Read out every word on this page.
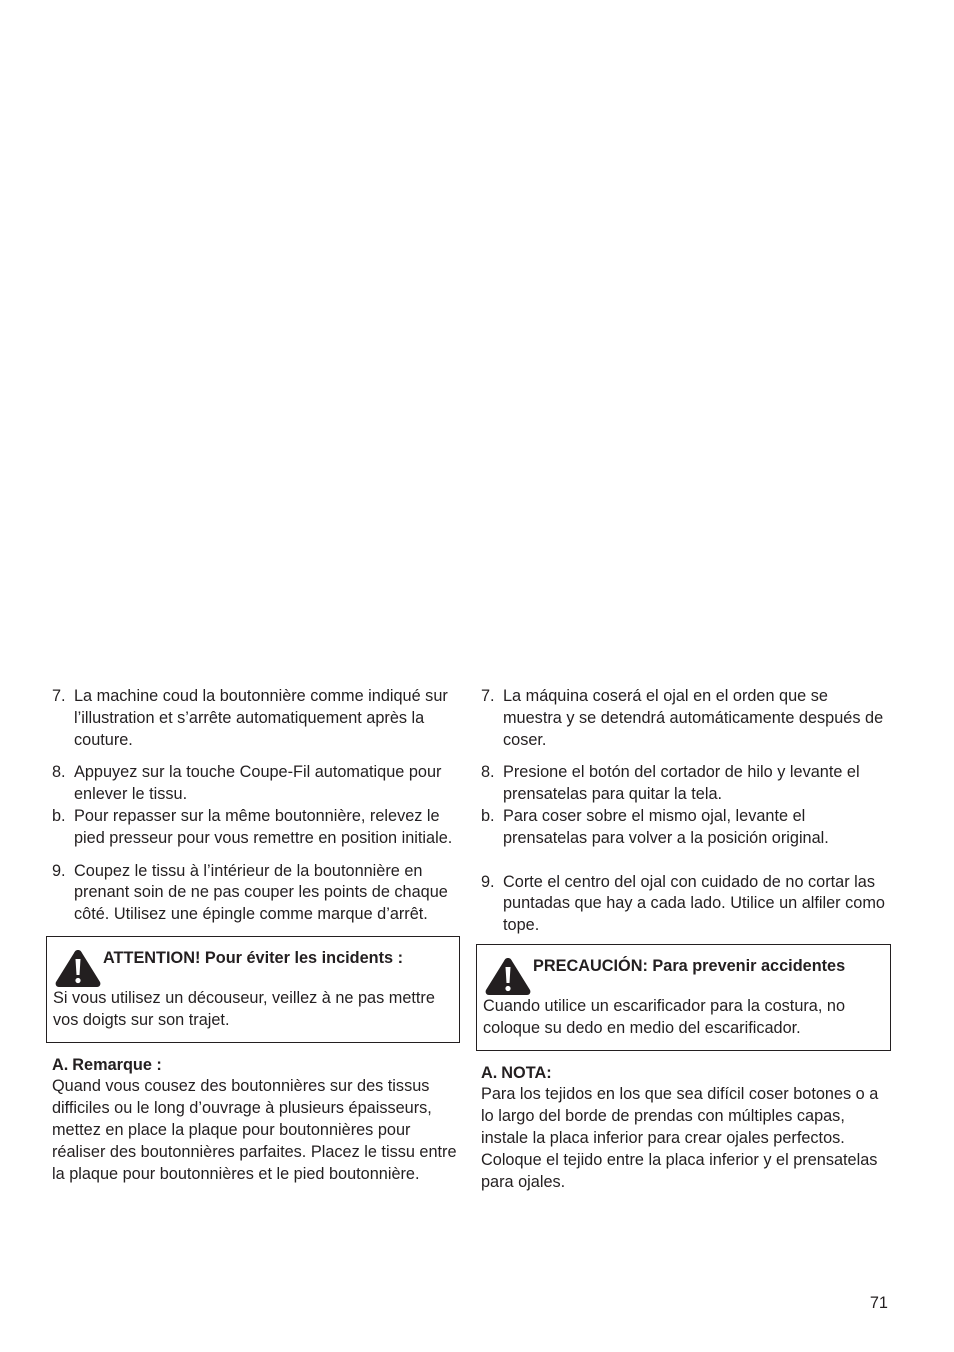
7. La machine coud la boutonnière comme indiqué sur l’illustration et s’arrête automatiquement après la couture.
8. Appuyez sur la touche Coupe-Fil automatique pour enlever le tissu.
b. Pour repasser sur la même boutonnière, relevez le pied presseur pour vous remettre en position initiale.
9. Coupez le tissu à l’intérieur de la boutonnière en prenant soin de ne pas couper les points de chaque côté. Utilisez une épingle comme marque d’arrêt.
ATTENTION! Pour éviter les incidents :
Si vous utilisez un découseur, veillez à ne pas mettre vos doigts sur son trajet.
A. Remarque :
Quand vous cousez des boutonnières sur des tissus difficiles ou le long d’ouvrage à plusieurs épaisseurs, mettez en place la plaque pour boutonnières pour réaliser des boutonnières parfaites. Placez le tissu entre la plaque pour boutonnières et le pied boutonnière.
7. La máquina coserá el ojal en el orden que se muestra y se detendrá automáticamente después de coser.
8. Presione el botón del cortador de hilo y levante el prensatelas para quitar la tela.
b. Para coser sobre el mismo ojal, levante el prensatelas para volver a la posición original.
9. Corte el centro del ojal con cuidado de no cortar las puntadas que hay a cada lado. Utilice un alfiler como tope.
PRECAUCIÓN: Para prevenir accidentes
Cuando utilice un escarificador para la costura, no coloque su dedo en medio del escarificador.
A. NOTA:
Para los tejidos en los que sea difícil coser botones o a lo largo del borde de prendas con múltiples capas, instale la placa inferior para crear ojales perfectos. Coloque el tejido entre la placa inferior y el prensatelas para ojales.
71
